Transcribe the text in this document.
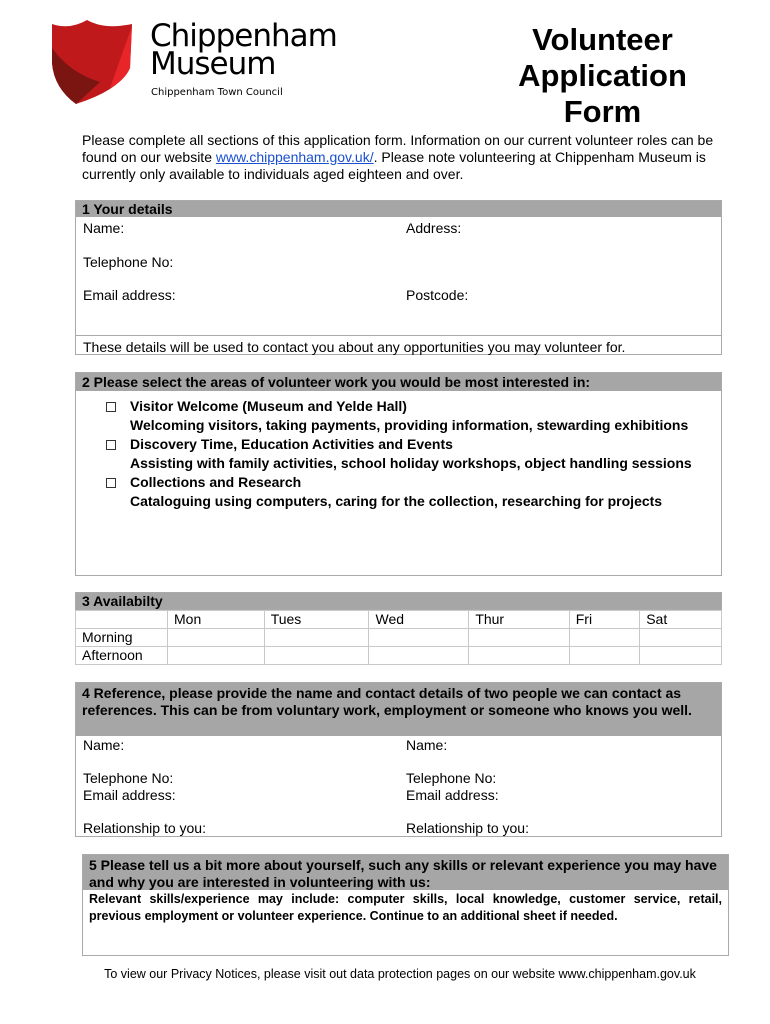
Chippenham
Museum
Chippenham Town Council
Volunteer Application Form
Please complete all sections of this application form. Information on our current volunteer roles can be found on our website www.chippenham.gov.uk/. Please note volunteering at Chippenham Museum is currently only available to individuals aged eighteen and over.
1 Your details
Name:	Address:
Telephone No:
Email address:	Postcode:
These details will be used to contact you about any opportunities you may volunteer for.
2 Please select the areas of volunteer work you would be most interested in:
Visitor Welcome (Museum and Yelde Hall)
Welcoming visitors, taking payments, providing information, stewarding exhibitions
Discovery Time, Education Activities and Events
Assisting with family activities, school holiday workshops, object handling sessions
Collections and Research
Cataloguing using computers, caring for the collection, researching for projects
3 Availabilty
	Mon	Tues	Wed	Thur	Fri	Sat
Morning						
Afternoon						
4 Reference, please provide the name and contact details of two people we can contact as references. This can be from voluntary work, employment or someone who knows you well.
Name:	Name:
Telephone No:	Telephone No:
Email address:	Email address:
Relationship to you:	Relationship to you:
5 Please tell us a bit more about yourself, such any skills or relevant experience you may have and why you are interested in volunteering with us:
Relevant skills/experience may include: computer skills, local knowledge, customer service, retail, previous employment or volunteer experience. Continue to an additional sheet if needed.
To view our Privacy Notices, please visit out data protection pages on our website www.chippenham.gov.uk
